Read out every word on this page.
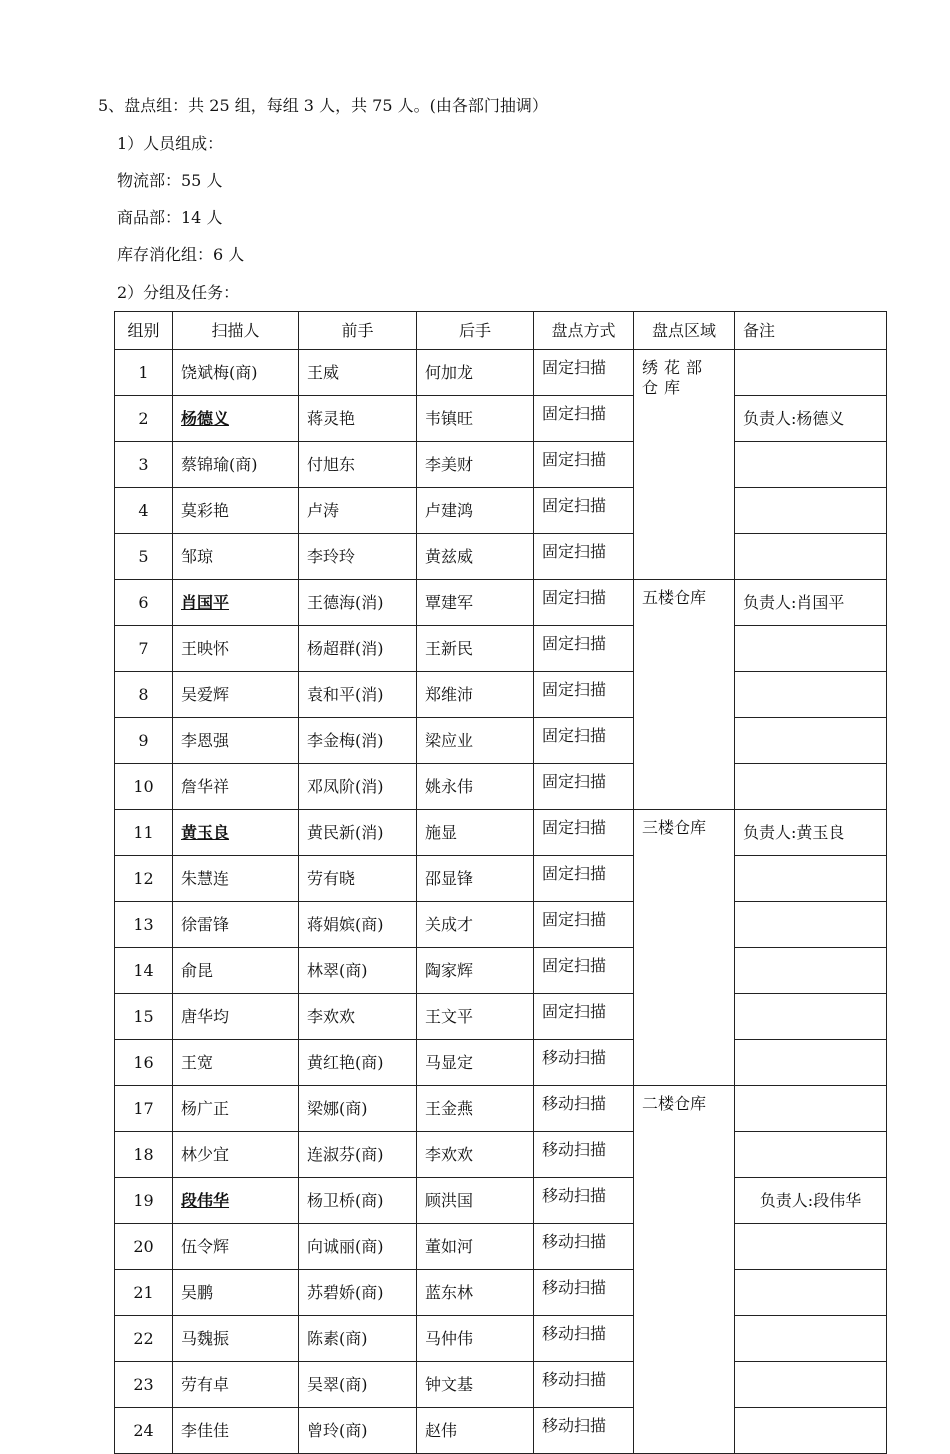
5、盘点组：共 25 组，每组 3 人，共 75 人。(由各部门抽调）
1）人员组成：
物流部：55 人
商品部：14 人
库存消化组：6 人
2）分组及任务：
组别	扫描人	前手	后手	盘点方式	盘点区域	备注
1	饶斌梅(商)	王威	何加龙	固定扫描	绣花部仓库	
2	杨德义	蒋灵艳	韦镇旺	固定扫描		负责人:杨德义
3	蔡锦瑜(商)	付旭东	李美财	固定扫描		
4	莫彩艳	卢涛	卢建鸿	固定扫描		
5	邹琼	李玲玲	黄兹威	固定扫描		
6	肖国平	王德海(消)	覃建军	固定扫描	五楼仓库	负责人:肖国平
7	王映怀	杨超群(消)	王新民	固定扫描		
8	吴爱辉	袁和平(消)	郑维沛	固定扫描		
9	李恩强	李金梅(消)	梁应业	固定扫描		
10	詹华祥	邓凤阶(消)	姚永伟	固定扫描		
11	黄玉良	黄民新(消)	施显	固定扫描	三楼仓库	负责人:黄玉良
12	朱慧连	劳有晓	邵显锋	固定扫描		
13	徐雷锋	蒋娟嫔(商)	关成才	固定扫描		
14	俞昆	林翠(商)	陶家辉	固定扫描		
15	唐华均	李欢欢	王文平	固定扫描		
16	王宽	黄红艳(商)	马显定	移动扫描		
17	杨广正	梁娜(商)	王金燕	移动扫描	二楼仓库	
18	林少宜	连淑芬(商)	李欢欢	移动扫描		
19	段伟华	杨卫桥(商)	顾洪国	移动扫描		负责人:段伟华
20	伍令辉	向诚丽(商)	董如河	移动扫描		
21	吴鹏	苏碧娇(商)	蓝东林	移动扫描		
22	马魏振	陈素(商)	马仲伟	移动扫描		
23	劳有卓	吴翠(商)	钟文基	移动扫描		
24	李佳佳	曾玲(商)	赵伟	移动扫描		
